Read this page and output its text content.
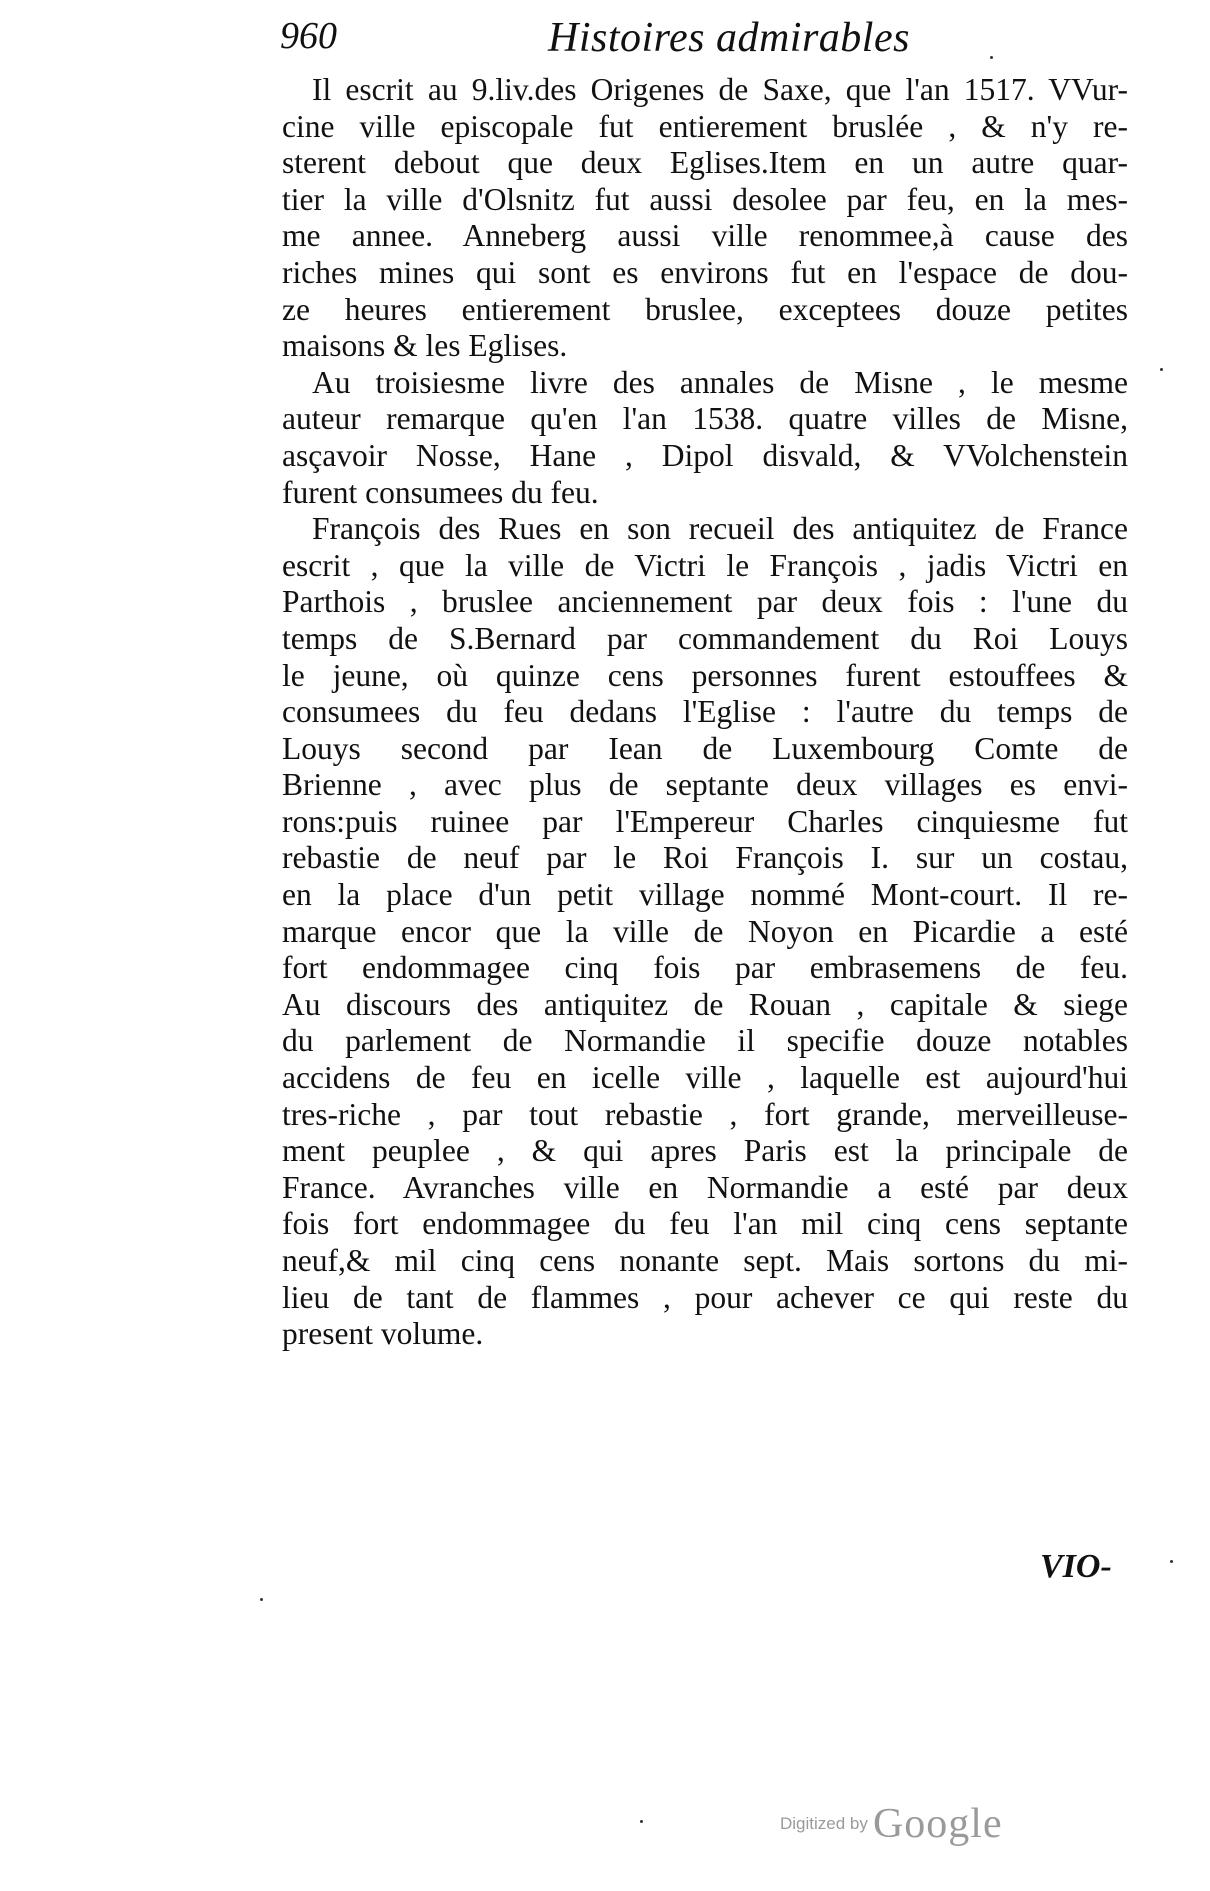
960	Histoires admirables
Il escrit au 9.liv.des Origenes de Saxe, que l'an 1517. VVur-
cine ville episcopale fut entierement bruslée , & n'y re-
sterent debout que deux Eglises.Item en un autre quar-
tier la ville d'Olsnitz fut aussi desolee par feu, en la mes-
me annee. Anneberg aussi ville renommee,à cause des
riches mines qui sont es environs fut en l'espace de dou-
ze heures entierement bruslee, exceptees douze petites
maisons & les Eglises.
Au troisiesme livre des annales de Misne , le mesme
auteur remarque qu'en l'an 1538. quatre villes de Misne,
asçavoir Nosse, Hane , Dipol disvald, & VVolchenstein
furent consumees du feu.
François des Rues en son recueil des antiquitez de France
escrit , que la ville de Victri le François , jadis Victri en
Parthois , bruslee anciennement par deux fois : l'une du
temps de S.Bernard par commandement du Roi Louys
le jeune, où quinze cens personnes furent estouffees &
consumees du feu dedans l'Eglise : l'autre du temps de
Louys second par Iean de Luxembourg Comte de
Brienne , avec plus de septante deux villages es envi-
rons:puis ruinee par l'Empereur Charles cinquiesme fut
rebastie de neuf par le Roi François I. sur un costau,
en la place d'un petit village nommé Mont-court. Il re-
marque encor que la ville de Noyon en Picardie a esté
fort endommagee cinq fois par embrasemens de feu.
Au discours des antiquitez de Rouan , capitale & siege
du parlement de Normandie il specifie douze notables
accidens de feu en icelle ville , laquelle est aujourd'hui
tres-riche , par tout rebastie , fort grande, merveilleuse-
ment peuplee , & qui apres Paris est la principale de
France. Avranches ville en Normandie a esté par deux
fois fort endommagee du feu l'an mil cinq cens septante
neuf,& mil cinq cens nonante sept. Mais sortons du mi-
lieu de tant de flammes , pour achever ce qui reste du
present volume.
VIO-
Digitized by Google
